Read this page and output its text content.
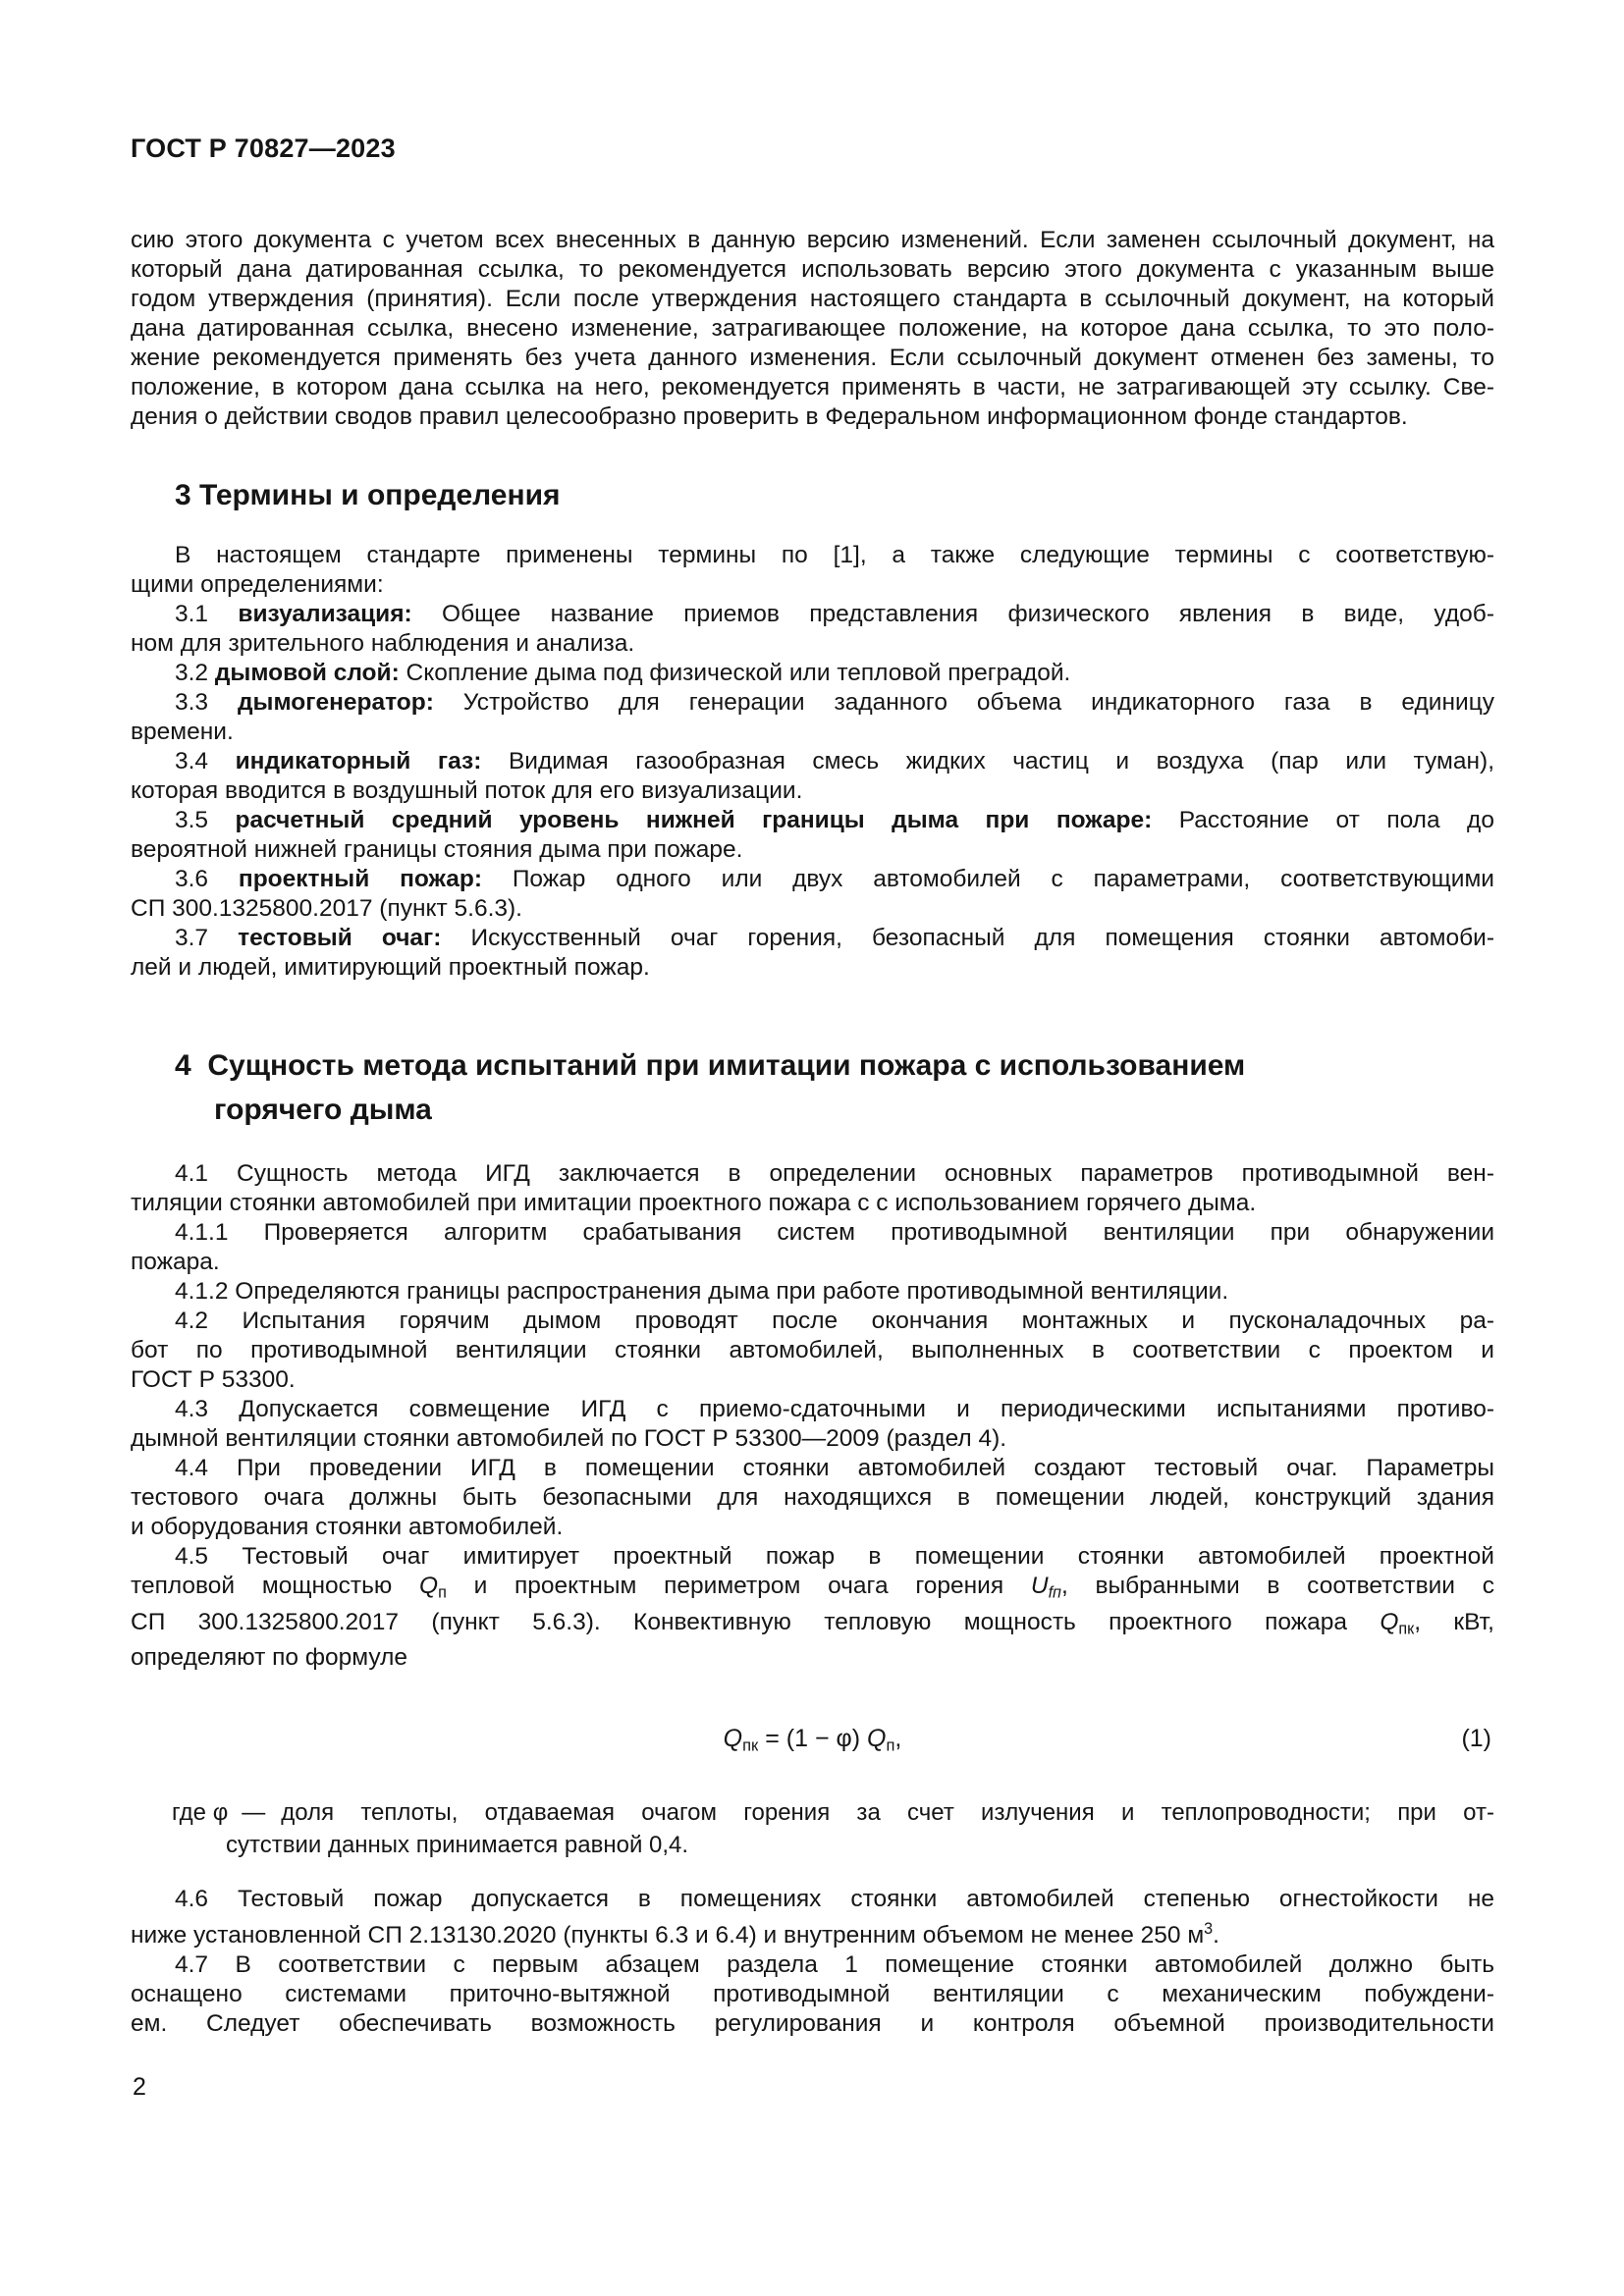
ГОСТ Р 70827—2023
сию этого документа с учетом всех внесенных в данную версию изменений. Если заменен ссылочный документ, на
который дана датированная ссылка, то рекомендуется использовать версию этого документа с указанным выше
годом утверждения (принятия). Если после утверждения настоящего стандарта в ссылочный документ, на который
дана датированная ссылка, внесено изменение, затрагивающее положение, на которое дана ссылка, то это поло-
жение рекомендуется применять без учета данного изменения. Если ссылочный документ отменен без замены, то
положение, в котором дана ссылка на него, рекомендуется применять в части, не затрагивающей эту ссылку. Све-
дения о действии сводов правил целесообразно проверить в Федеральном информационном фонде стандартов.
3 Термины и определения
В настоящем стандарте применены термины по [1], а также следующие термины с соответствую-
щими определениями:
3.1 визуализация: Общее название приемов представления физического явления в виде, удоб-
ном для зрительного наблюдения и анализа.
3.2 дымовой слой: Скопление дыма под физической или тепловой преградой.
3.3 дымогенератор: Устройство для генерации заданного объема индикаторного газа в единицу
времени.
3.4 индикаторный газ: Видимая газообразная смесь жидких частиц и воздуха (пар или туман),
которая вводится в воздушный поток для его визуализации.
3.5 расчетный средний уровень нижней границы дыма при пожаре: Расстояние от пола до
вероятной нижней границы стояния дыма при пожаре.
3.6 проектный пожар: Пожар одного или двух автомобилей с параметрами, соответствующими
СП 300.1325800.2017 (пункт 5.6.3).
3.7 тестовый очаг: Искусственный очаг горения, безопасный для помещения стоянки автомоби-
лей и людей, имитирующий проектный пожар.
4  Сущность метода испытаний при имитации пожара с использованием
горячего дыма
4.1 Сущность метода ИГД заключается в определении основных параметров противодымной вен-
тиляции стоянки автомобилей при имитации проектного пожара с с использованием горячего дыма.
4.1.1 Проверяется алгоритм срабатывания систем противодымной вентиляции при обнаружении
пожара.
4.1.2 Определяются границы распространения дыма при работе противодымной вентиляции.
4.2 Испытания горячим дымом проводят после окончания монтажных и пусконаладочных ра-
бот по противодымной вентиляции стоянки автомобилей, выполненных в соответствии с проектом и
ГОСТ Р 53300.
4.3 Допускается совмещение ИГД с приемо-сдаточными и периодическими испытаниями противо-
дымной вентиляции стоянки автомобилей по ГОСТ Р 53300—2009 (раздел 4).
4.4 При проведении ИГД в помещении стоянки автомобилей создают тестовый очаг. Параметры
тестового очага должны быть безопасными для находящихся в помещении людей, конструкций здания
и оборудования стоянки автомобилей.
4.5 Тестовый очаг имитирует проектный пожар в помещении стоянки автомобилей проектной
тепловой мощностью $Q_п$ и проектным периметром очага горения Ufп, выбранными в соответствии с
СП 300.1325800.2017 (пункт 5.6.3). Конвективную тепловую мощность проектного пожара $Q_{пк}$, кВт,
определяют по формуле
$Q_{пк} = (1 - \varphi)$ $Q_п$,	(1)
где φ — доля теплоты, отдаваемая очагом горения за счет излучения и теплопроводности; при от-
сутствии данных принимается равной 0,4.
4.6 Тестовый пожар допускается в помещениях стоянки автомобилей степенью огнестойкости не
ниже установленной СП 2.13130.2020 (пункты 6.3 и 6.4) и внутренним объемом не менее 250 $м^3$.
4.7 В соответствии с первым абзацем раздела 1 помещение стоянки автомобилей должно быть
оснащено системами приточно-вытяжной противодымной вентиляции с механическим побуждени-
ем. Следует обеспечивать возможность регулирования и контроля объемной производительности
2
